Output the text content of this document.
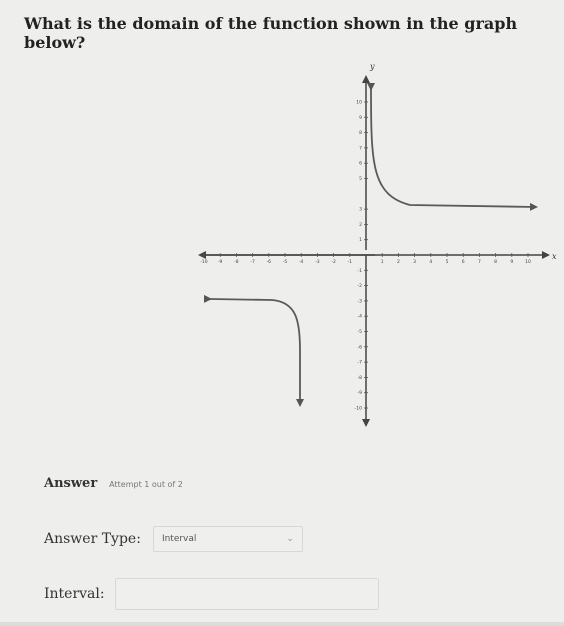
What is the domain of the function shown in the graph below?
x
y
-10 -9	-8	-7	-6	-5	-4	-3	-2	-1	1	2	3	4	5	6	7	8	9	10
10
9
8
7
6
5
3
2
1
-1
-2
-3
-4
-5
-6
-7
-8
-9
-10
Answer Attempt 1 out of 2
Answer Type: Interval	⌄
Interval:
